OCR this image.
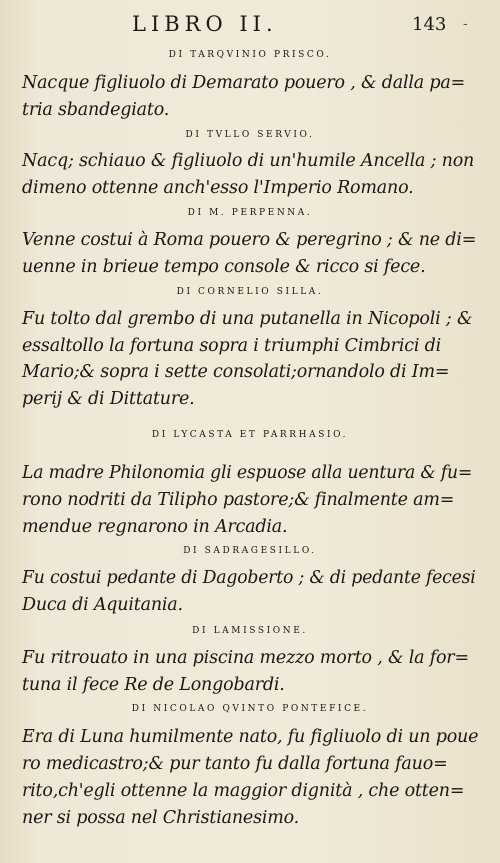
LIBRO II.	143 -
DI TARQVINIO PRISCO.
Nacque figliuolo di Demarato pouero , & dalla pa=
tria sbandegiato.
DI TVLLO SERVIO.
Nacq; schiauo & figliuolo di un'humile Ancella ; non
dimeno ottenne anch'esso l'Imperio Romano.
DI M. PERPENNA.
Venne costui à Roma pouero & peregrino ; & ne di=
uenne in brieue tempo console & ricco si fece.
DI CORNELIO SILLA.
Fu tolto dal grembo di una putanella in Nicopoli ; &
essaltollo la fortuna sopra i triumphi Cimbrici di
Mario;& sopra i sette consolati;ornandolo di Im=
perij & di Dittature.
DI LYCASTA ET PARRHASIO.
La madre Philonomia gli espuose alla uentura & fu=
rono nodriti da Tilipho pastore;& finalmente am=
mendue regnarono in Arcadia.
DI SADRAGESILLO.
Fu costui pedante di Dagoberto ; & di pedante fecesi
Duca di Aquitania.
DI LAMISSIONE.
Fu ritrouato in una piscina mezzo morto , & la for=
tuna il fece Re de Longobardi.
DI NICOLAO QVINTO PONTEFICE.
Era di Luna humilmente nato, fu figliuolo di un poue
ro medicastro;& pur tanto fu dalla fortuna fauo=
rito,ch'egli ottenne la maggior dignità , che otten=
ner si possa nel Christianesimo.
